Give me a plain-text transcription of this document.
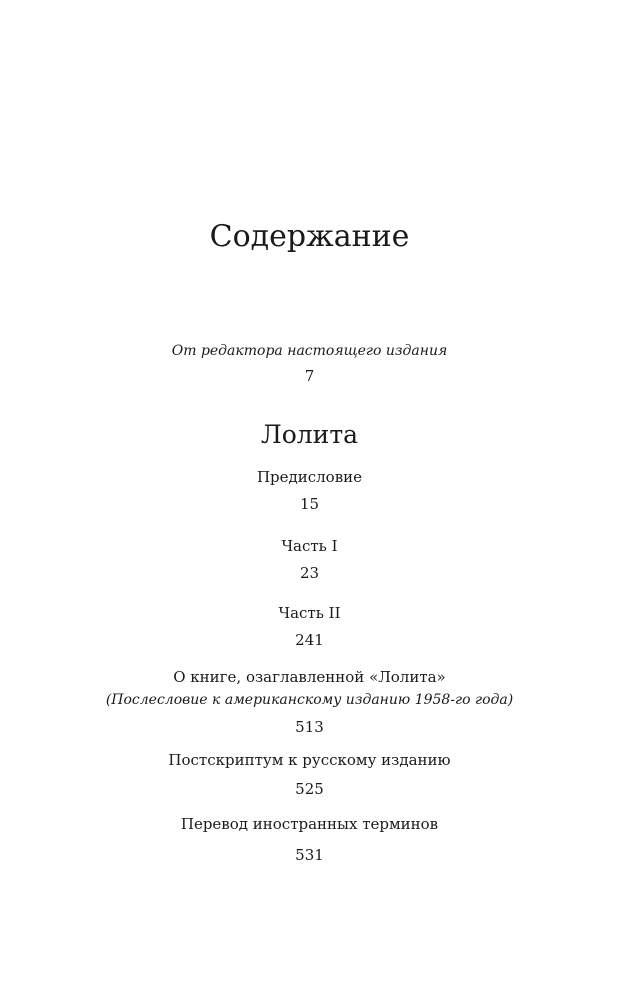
Содержание
От редактора настоящего издания
7
Лолита
Предисловие
15
Часть I
23
Часть II
241
О книге, озаглавленной «Лолита»
(Послесловие к американскому изданию 1958-го года)
513
Постскриптум к русскому изданию
525
Перевод иностранных терминов
531
